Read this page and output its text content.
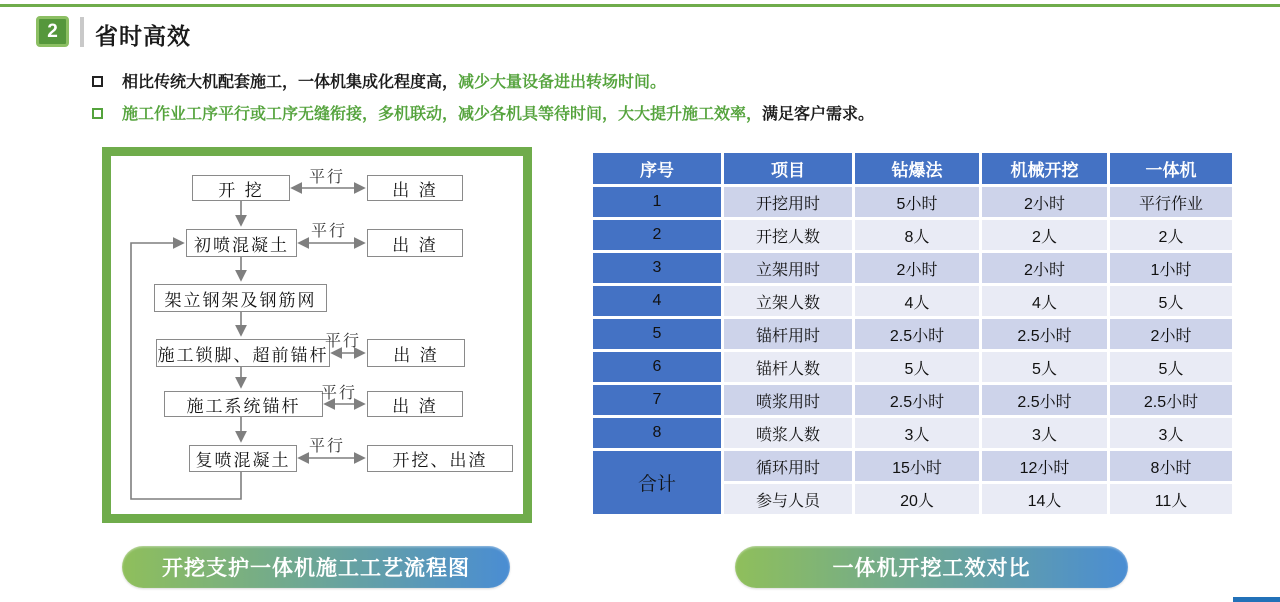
2	省时高效
相比传统大机配套施工，一体机集成化程度高，减少大量设备进出转场时间。
施工作业工序平行或工序无缝衔接，多机联动，减少各机具等待时间，大大提升施工效率，满足客户需求。
开 挖	出 渣
初喷混凝土	出 渣
架立钢架及钢筋网
施工锁脚、超前锚杆	出 渣
施工系统锚杆	出 渣
复喷混凝土	开挖、出渣
平行
平行
平行
平行
平行
序号	项目	钻爆法	机械开挖	一体机
1	开挖用时	5小时	2小时	平行作业
2	开挖人数	8人	2人	2人
3	立架用时	2小时	2小时	1小时
4	立架人数	4人	4人	5人
5	锚杆用时	2.5小时	2.5小时	2小时
6	锚杆人数	5人	5人	5人
7	喷浆用时	2.5小时	2.5小时	2.5小时
8	喷浆人数	3人	3人	3人
合计	循环用时	15小时	12小时	8小时
	参与人员	20人	14人	11人
开挖支护一体机施工工艺流程图	一体机开挖工效对比
